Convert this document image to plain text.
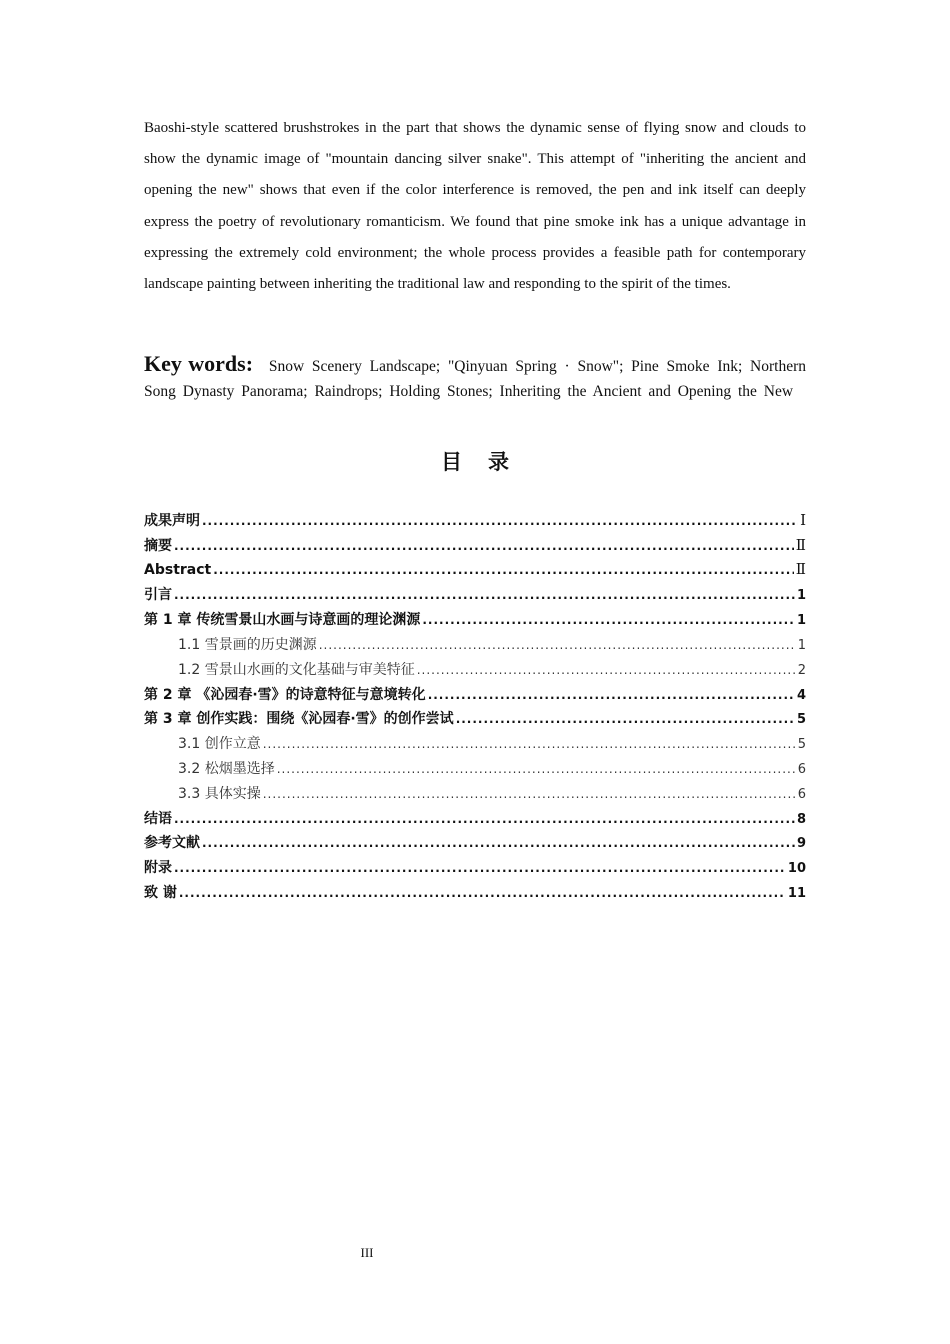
Baoshi-style scattered brushstrokes in the part that shows the dynamic sense of flying snow and clouds to show the dynamic image of "mountain dancing silver snake". This attempt of "inheriting the ancient and opening the new" shows that even if the color interference is removed, the pen and ink itself can deeply express the poetry of revolutionary romanticism. We found that pine smoke ink has a unique advantage in expressing the extremely cold environment; the whole process provides a feasible path for contemporary landscape painting between inheriting the traditional law and responding to the spirit of the times.
Key words: Snow Scenery Landscape; "Qinyuan Spring · Snow"; Pine Smoke Ink; Northern Song Dynasty Panorama; Raindrops; Holding Stones; Inheriting the Ancient and Opening the New
目录
成果声明 .....	Ⅰ
摘要 .....	Ⅱ
Abstract .....	Ⅱ
引言 .....	1
第 1 章 传统雪景山水画与诗意画的理论渊源 .....	1
1.1 雪景画的历史渊源 .....	1
1.2 雪景山水画的文化基础与审美特征 .....	2
第 2 章 《沁园春·雪》的诗意特征与意境转化 .....	4
第 3 章 创作实践：围绕《沁园春·雪》的创作尝试 .....	5
3.1 创作立意 .....	5
3.2 松烟墨选择 .....	6
3.3 具体实操 .....	6
结语 .....	8
参考文献 .....	9
附录 .....	10
致 谢 .....	11
III
